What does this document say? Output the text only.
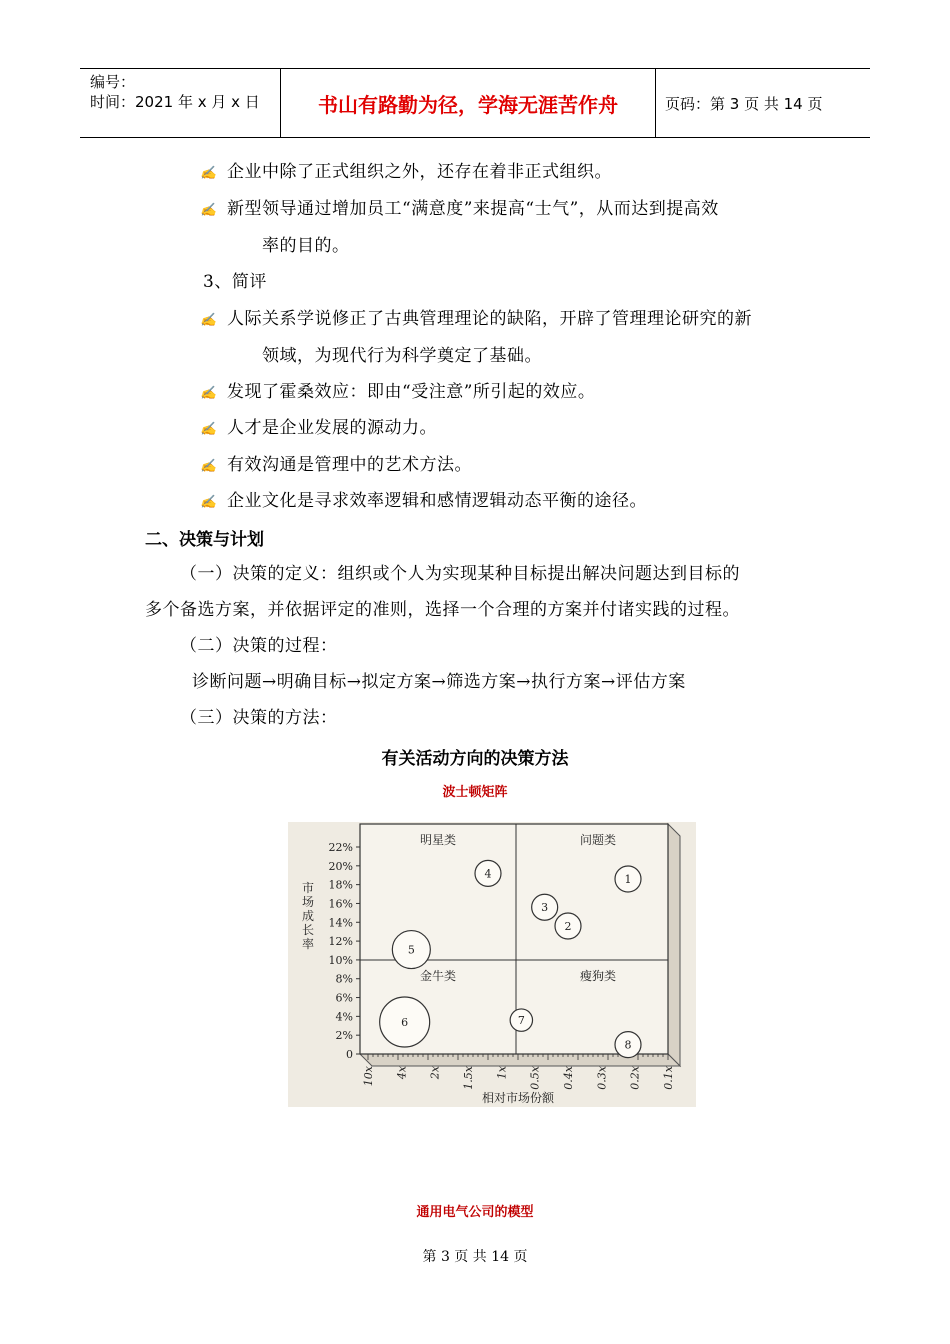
编号：
时间：2021 年 x 月 x 日	书山有路勤为径，学海无涯苦作舟	页码：第 3 页 共 14 页
✍ 企业中除了正式组织之外，还存在着非正式组织。
✍ 新型领导通过增加员工“满意度”来提高“士气”，从而达到提高效
率的目的。
3、简评
✍ 人际关系学说修正了古典管理理论的缺陷，开辟了管理理论研究的新
领域，为现代行为科学奠定了基础。
✍ 发现了霍桑效应：即由“受注意”所引起的效应。
✍ 人才是企业发展的源动力。
✍ 有效沟通是管理中的艺术方法。
✍ 企业文化是寻求效率逻辑和感情逻辑动态平衡的途径。
二、决策与计划
（一）决策的定义：组织或个人为实现某种目标提出解决问题达到目标的
多个备选方案，并依据评定的准则，选择一个合理的方案并付诸实践的过程。
（二）决策的过程：
诊断问题→明确目标→拟定方案→筛选方案→执行方案→评估方案
（三）决策的方法：
有关活动方向的决策方法
波士顿矩阵
0
2%
4%
6%
8%
10%
12%
14%
16%
18%
20%
22%
10x 4x 2x 1.5x 1x 0.5x 0.4x 0.3x 0.2x 0.1x
明星类	问题类
金牛类	瘦狗类
1
2
3
4
5
6	7
8
相对市场份额
市场成长率
通用电气公司的模型
第 3 页 共 14 页
